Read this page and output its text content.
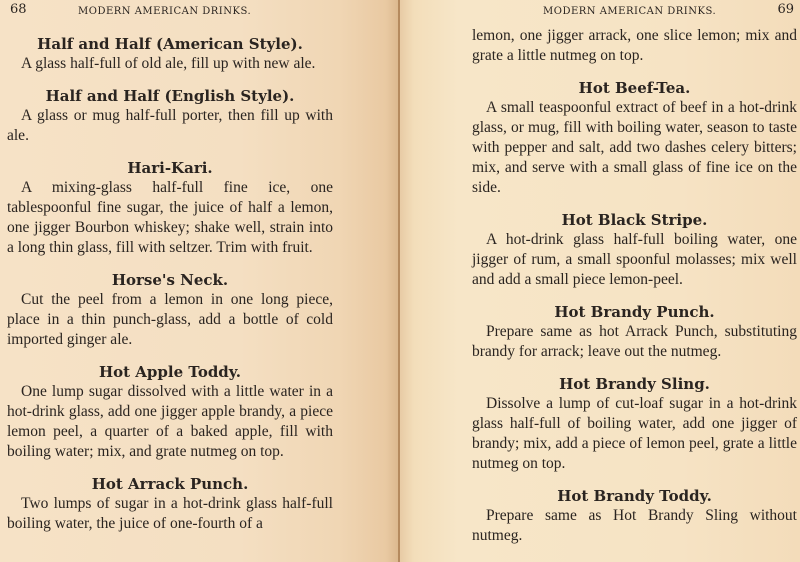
68	MODERN AMERICAN DRINKS.

Half and Half (American Style).

A glass half-full of old ale, fill up with new ale.

Half and Half (English Style).

A glass or mug half-full porter, then fill up with ale.

Hari-Kari.

A mixing-glass half-full fine ice, one tablespoonful fine sugar, the juice of half a lemon, one jigger Bourbon whiskey; shake well, strain into a long thin glass, fill with seltzer. Trim with fruit.

Horse's Neck.

Cut the peel from a lemon in one long piece, place in a thin punch-glass, add a bottle of cold imported ginger ale.

Hot Apple Toddy.

One lump sugar dissolved with a little water in a hot-drink glass, add one jigger apple brandy, a piece lemon peel, a quarter of a baked apple, fill with boiling water; mix, and grate nutmeg on top.

Hot Arrack Punch.

Two lumps of sugar in a hot-drink glass half-full boiling water, the juice of one-fourth of a

MODERN AMERICAN DRINKS.	69

lemon, one jigger arrack, one slice lemon; mix and grate a little nutmeg on top.

Hot Beef-Tea.

A small teaspoonful extract of beef in a hot-drink glass, or mug, fill with boiling water, season to taste with pepper and salt, add two dashes celery bitters; mix, and serve with a small glass of fine ice on the side.

Hot Black Stripe.

A hot-drink glass half-full boiling water, one jigger of rum, a small spoonful molasses; mix well and add a small piece lemon-peel.

Hot Brandy Punch.

Prepare same as hot Arrack Punch, substituting brandy for arrack; leave out the nutmeg.

Hot Brandy Sling.

Dissolve a lump of cut-loaf sugar in a hot-drink glass half-full of boiling water, add one jigger of brandy; mix, add a piece of lemon peel, grate a little nutmeg on top.

Hot Brandy Toddy.

Prepare same as Hot Brandy Sling without nutmeg.
